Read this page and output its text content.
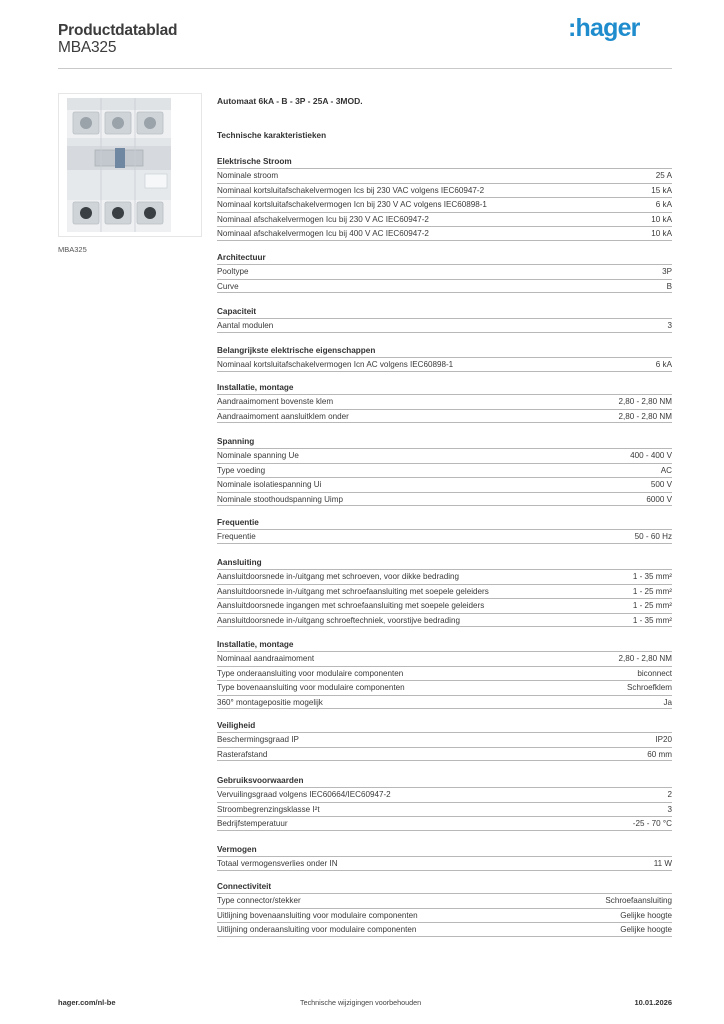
Productdatablad
MBA325
:hager
MBA325
Automaat 6kA - B - 3P - 25A - 3MOD.
Technische karakteristieken
Elektrische Stroom
Nominale stroom	25 A
Nominaal kortsluitafschakelvermogen Ics bij 230 VAC volgens IEC60947-2	15 kA
Nominaal kortsluitafschakelvermogen Icn bij 230 V AC volgens IEC60898-1	6 kA
Nominaal afschakelvermogen Icu bij 230 V AC IEC60947-2	10 kA
Nominaal afschakelvermogen Icu bij 400 V AC IEC60947-2	10 kA
Architectuur
Pooltype	3P
Curve	B
Capaciteit
Aantal modulen	3
Belangrijkste elektrische eigenschappen
Nominaal kortsluitafschakelvermogen Icn AC volgens IEC60898-1	6 kA
Installatie, montage
Aandraaimoment bovenste klem	2,80 - 2,80 NM
Aandraaimoment aansluitklem onder	2,80 - 2,80 NM
Spanning
Nominale spanning Ue	400 - 400 V
Type voeding	AC
Nominale isolatiespanning Ui	500 V
Nominale stoothoudspanning Uimp	6000 V
Frequentie
Frequentie	50 - 60 Hz
Aansluiting
Aansluitdoorsnede in-/uitgang met schroeven, voor dikke bedrading	1 - 35 mm²
Aansluitdoorsnede in-/uitgang met schroefaansluiting met soepele geleiders	1 - 25 mm²
Aansluitdoorsnede ingangen met schroefaansluiting met soepele geleiders	1 - 25 mm²
Aansluitdoorsnede in-/uitgang schroeftechniek, voorstijve bedrading	1 - 35 mm²
Installatie, montage
Nominaal aandraaimoment	2,80 - 2,80 NM
Type onderaansluiting voor modulaire componenten	biconnect
Type bovenaansluiting voor modulaire componenten	Schroefklem
360° montagepositie mogelijk	Ja
Veiligheid
Beschermingsgraad IP	IP20
Rasterafstand	60 mm
Gebruiksvoorwaarden
Vervuilingsgraad volgens IEC60664/IEC60947-2	2
Stroombegrenzingsklasse I²t	3
Bedrijfstemperatuur	-25 - 70 °C
Vermogen
Totaal vermogensverlies onder IN	11 W
Connectiviteit
Type connector/stekker	Schroefaansluiting
Uitlijning bovenaansluiting voor modulaire componenten	Gelijke hoogte
Uitlijning onderaansluiting voor modulaire componenten	Gelijke hoogte
hager.com/nl-be	Technische wijzigingen voorbehouden	10.01.2026
